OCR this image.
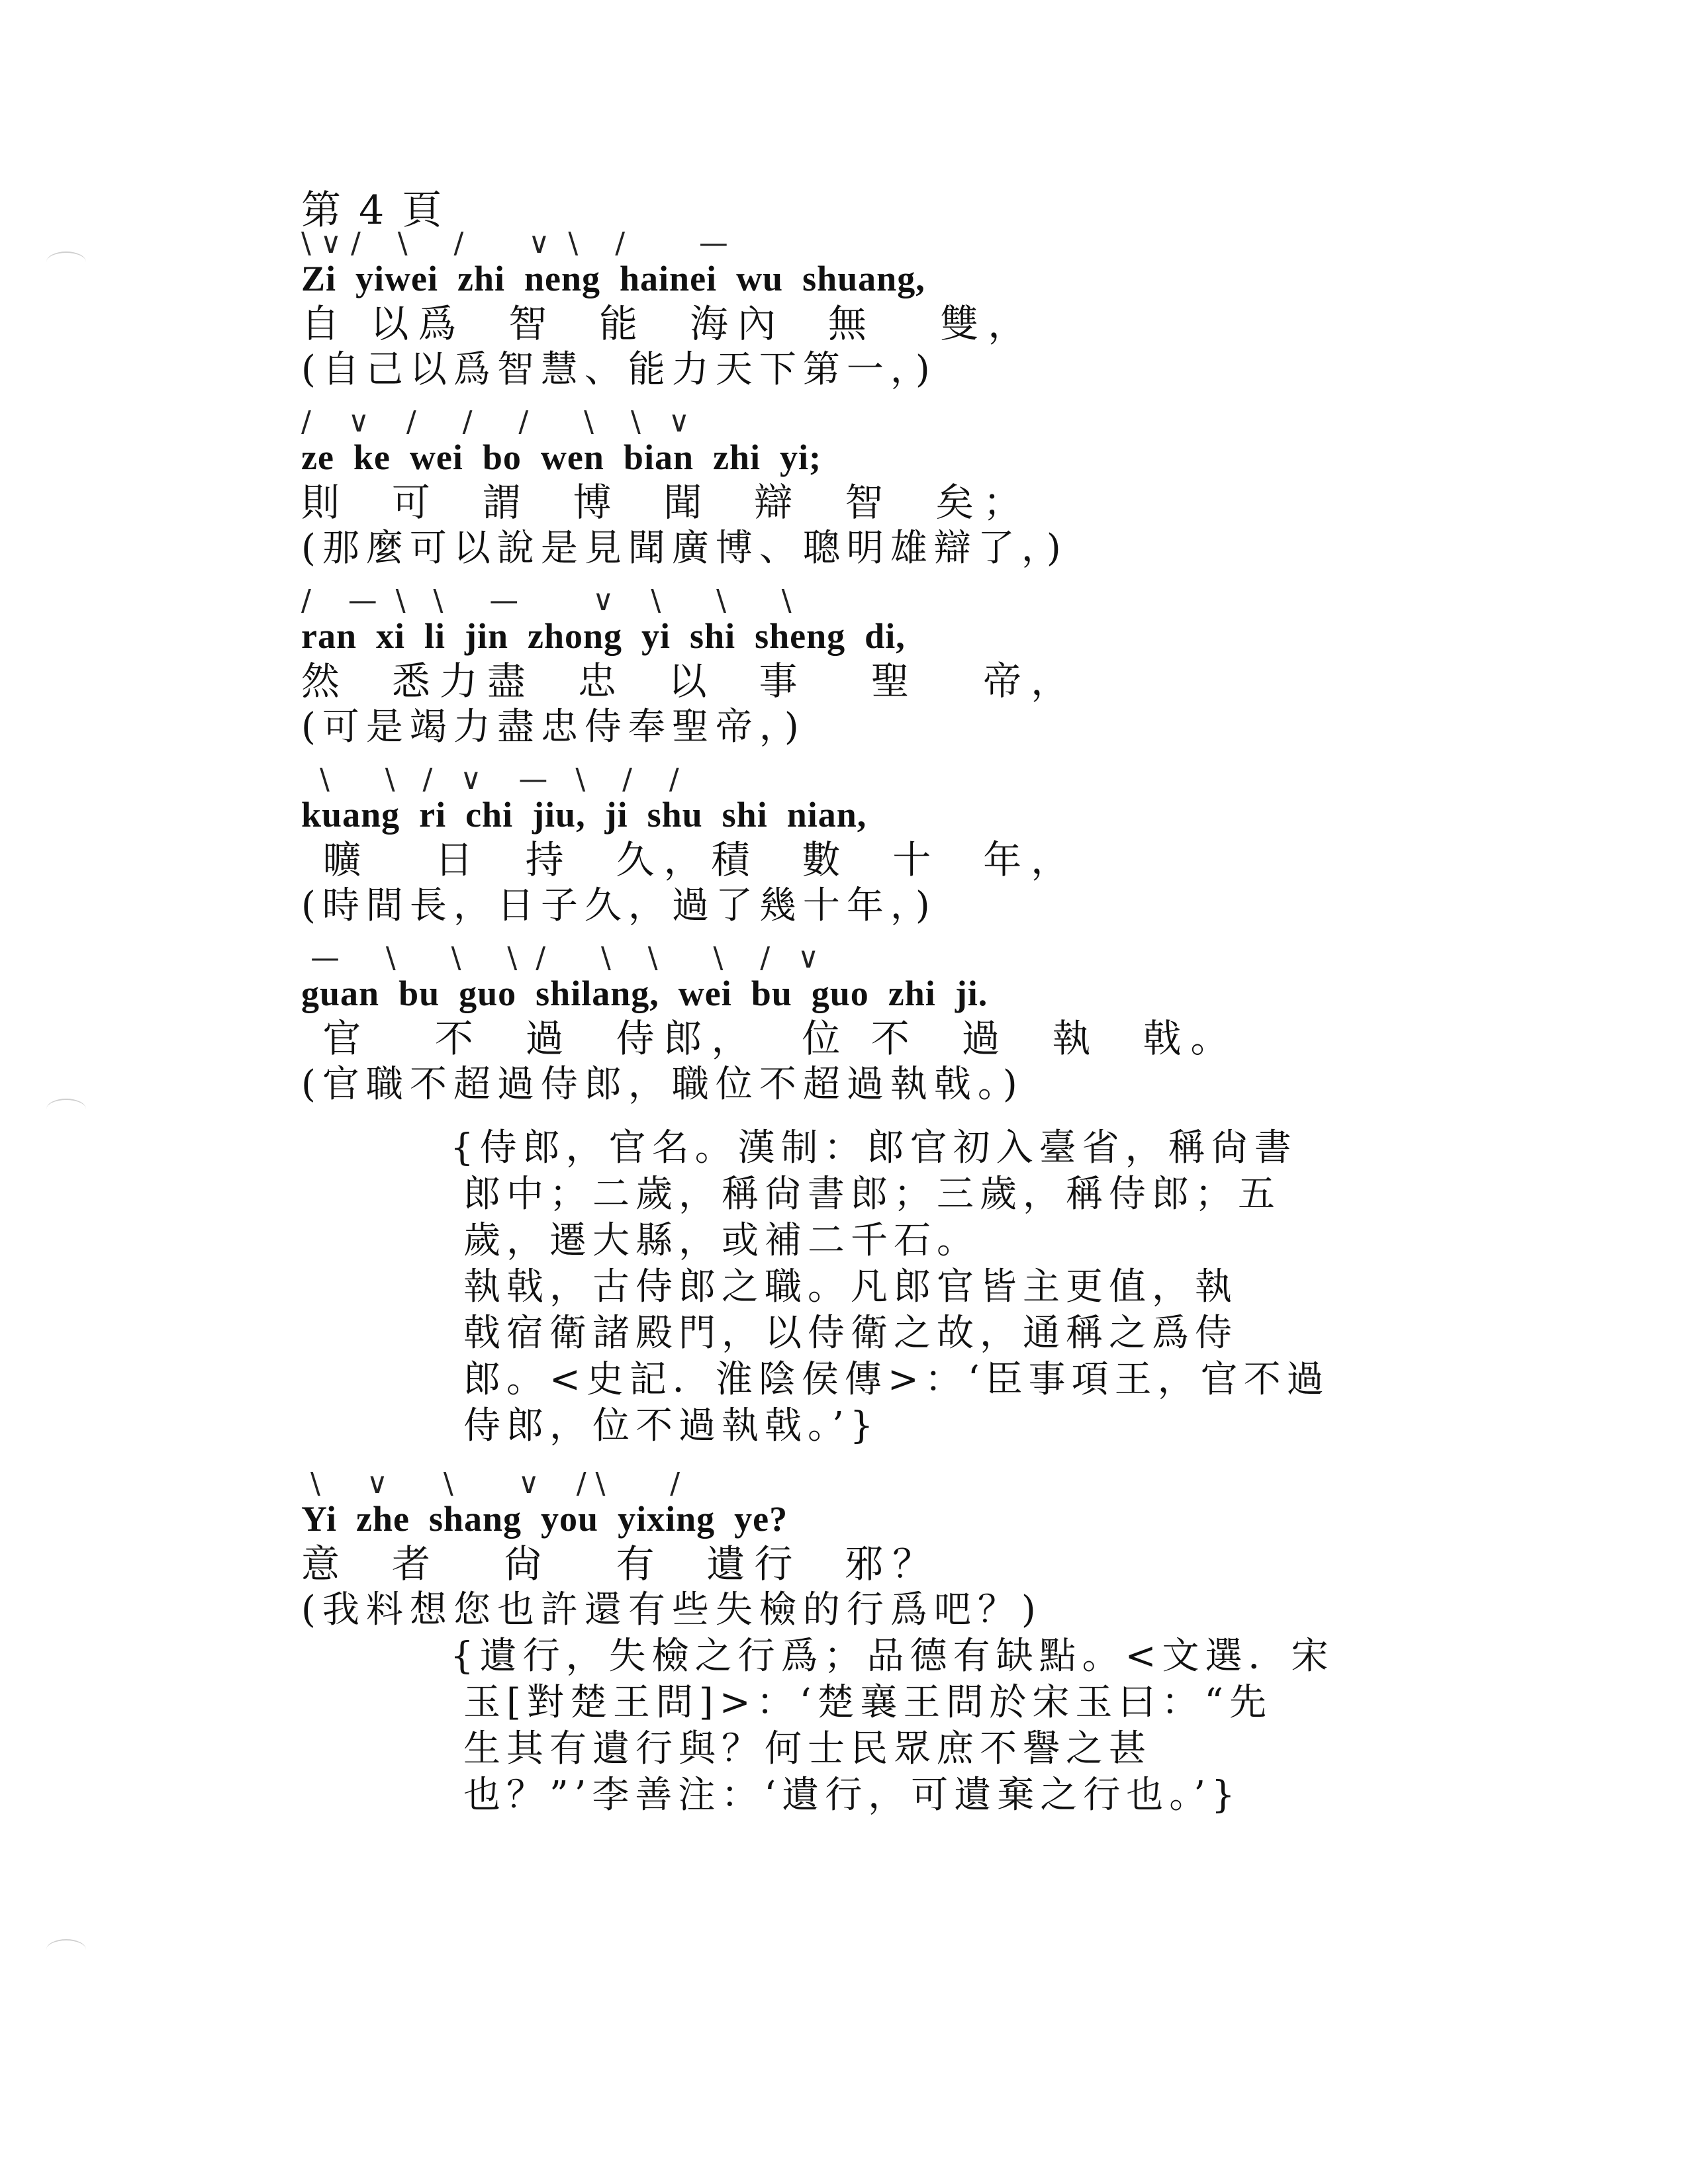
第 4 頁
\ ∨ /    \     /       ∨  \    /        —
Zi  yiwei  zhi  neng  hainei  wu  shuang,
自 以爲  智  能  海內  無   雙，
(自己以爲智慧、能力天下第一，)
/    ∨    /     /     /      \    \   ∨
ze  ke  wei  bo  wen  bian  zhi  yi;
則  可  謂  博  聞  辯  智  矣；
(那麼可以說是見聞廣博、聰明雄辯了，)
/    —  \   \     —        ∨    \      \      \
ran  xi  li  jin  zhong  yi  shi  sheng  di,
然  悉力盡  忠  以  事   聖   帝，
(可是竭力盡忠侍奉聖帝，)
\      \   /   ∨    —   \    /    /
kuang  ri  chi  jiu,  ji  shu  shi  nian,
曠   日  持  久，積  數  十  年，
(時間長，日子久，過了幾十年，)
—     \      \     \  /      \    \      \    /   ∨
guan  bu  guo  shilang,  wei  bu  guo  zhi  ji.
官   不  過  侍郎，  位 不  過  執  戟。
(官職不超過侍郎，職位不超過執戟。)
{侍郎，官名。漢制：郎官初入臺省，稱尙書
郎中；二歲，稱尙書郎；三歲，稱侍郎；五
歲，遷大縣，或補二千石。
執戟，古侍郎之職。凡郎官皆主更值，執
戟宿衛諸殿門，以侍衛之故，通稱之爲侍
郎。<史記．淮陰侯傳>：‘臣事項王，官不過
侍郎，位不過執戟。’}
\     ∨      \       ∨    / \       /
Yi  zhe  shang  you  yixing  ye?
意  者   尙   有  遺行  邪？
(我料想您也許還有些失檢的行爲吧？)
{遺行，失檢之行爲；品德有缺點。<文選．宋
玉[對楚王問]>：‘楚襄王問於宋玉曰：“先
生其有遺行與？何士民眾庶不譽之甚
也？”’李善注：‘遺行，可遺棄之行也。’}
